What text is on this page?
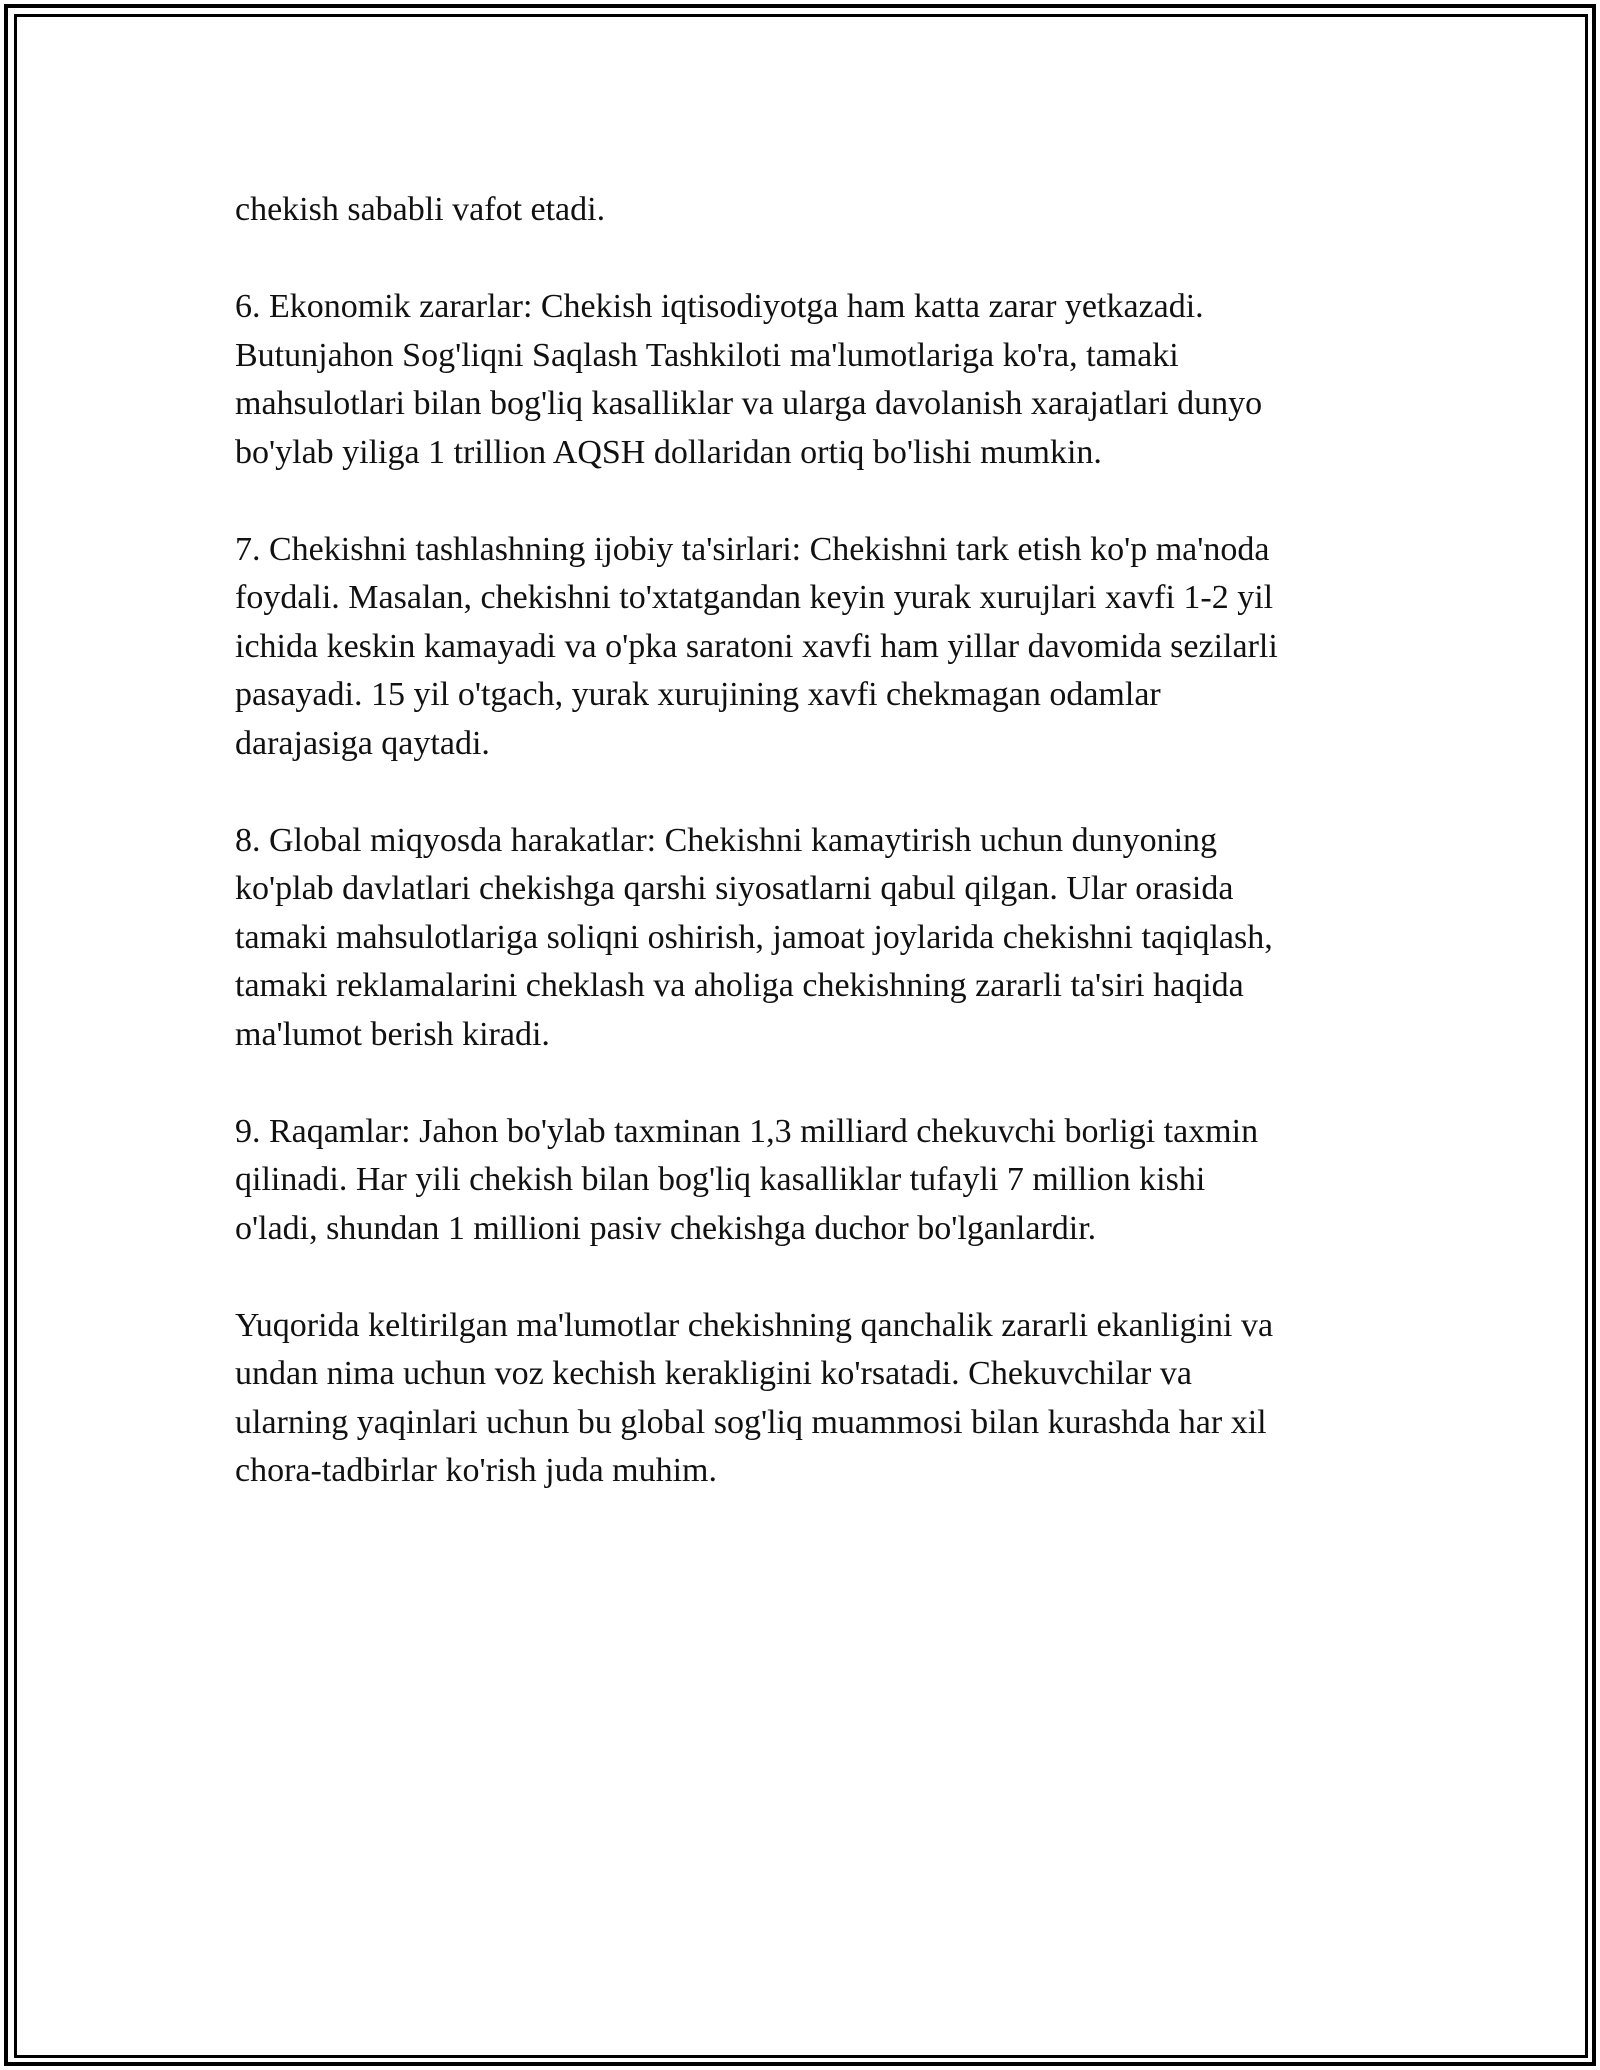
chekish sababli vafot etadi.

6. Ekonomik zararlar: Chekish iqtisodiyotga ham katta zarar yetkazadi.
Butunjahon Sog'liqni Saqlash Tashkiloti ma'lumotlariga ko'ra, tamaki
mahsulotlari bilan bog'liq kasalliklar va ularga davolanish xarajatlari dunyo
bo'ylab yiliga 1 trillion AQSH dollaridan ortiq bo'lishi mumkin.

7. Chekishni tashlashning ijobiy ta'sirlari: Chekishni tark etish ko'p ma'noda
foydali. Masalan, chekishni to'xtatgandan keyin yurak xurujlari xavfi 1-2 yil
ichida keskin kamayadi va o'pka saratoni xavfi ham yillar davomida sezilarli
pasayadi. 15 yil o'tgach, yurak xurujining xavfi chekmagan odamlar
darajasiga qaytadi.

8. Global miqyosda harakatlar: Chekishni kamaytirish uchun dunyoning
ko'plab davlatlari chekishga qarshi siyosatlarni qabul qilgan. Ular orasida
tamaki mahsulotlariga soliqni oshirish, jamoat joylarida chekishni taqiqlash,
tamaki reklamalarini cheklash va aholiga chekishning zararli ta'siri haqida
ma'lumot berish kiradi.

9. Raqamlar: Jahon bo'ylab taxminan 1,3 milliard chekuvchi borligi taxmin
qilinadi. Har yili chekish bilan bog'liq kasalliklar tufayli 7 million kishi
o'ladi, shundan 1 millioni pasiv chekishga duchor bo'lganlardir.

Yuqorida keltirilgan ma'lumotlar chekishning qanchalik zararli ekanligini va
undan nima uchun voz kechish kerakligini ko'rsatadi. Chekuvchilar va
ularning yaqinlari uchun bu global sog'liq muammosi bilan kurashda har xil
chora-tadbirlar ko'rish juda muhim.
